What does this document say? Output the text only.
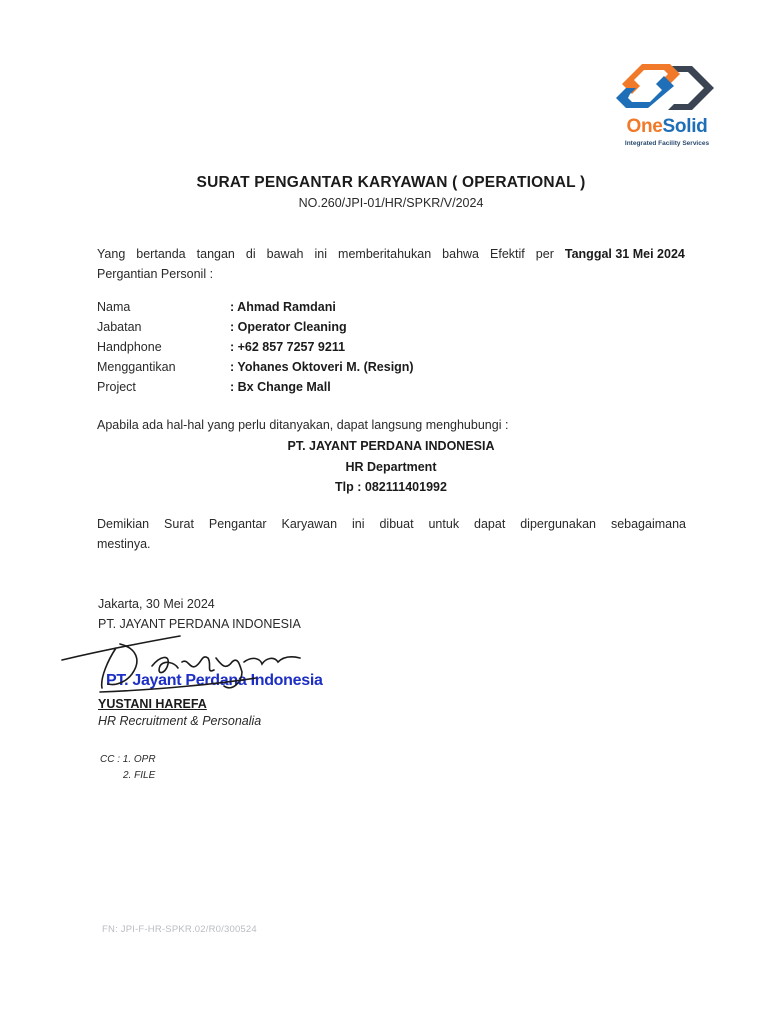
OneSolid
Integrated Facility Services
SURAT PENGANTAR KARYAWAN ( OPERATIONAL )
NO.260/JPI-01/HR/SPKR/V/2024
Yang bertanda tangan di bawah ini memberitahukan bahwa Efektif per Tanggal 31 Mei 2024
Pergantian Personil :
Nama	: Ahmad Ramdani
Jabatan	: Operator Cleaning
Handphone	: +62 857 7257 9211
Menggantikan	: Yohanes Oktoveri M. (Resign)
Project	: Bx Change Mall
Apabila ada hal-hal yang perlu ditanyakan, dapat langsung menghubungi :
PT. JAYANT PERDANA INDONESIA
HR Department
Tlp : 082111401992
Demikian Surat Pengantar Karyawan ini dibuat untuk dapat dipergunakan sebagaimana
mestinya.
Jakarta, 30 Mei 2024
PT. JAYANT PERDANA INDONESIA
PT. Jayant Perdana Indonesia
YUSTANI HAREFA
HR Recruitment & Personalia
CC : 1. OPR
2. FILE
FN: JPI-F-HR-SPKR.02/R0/300524
